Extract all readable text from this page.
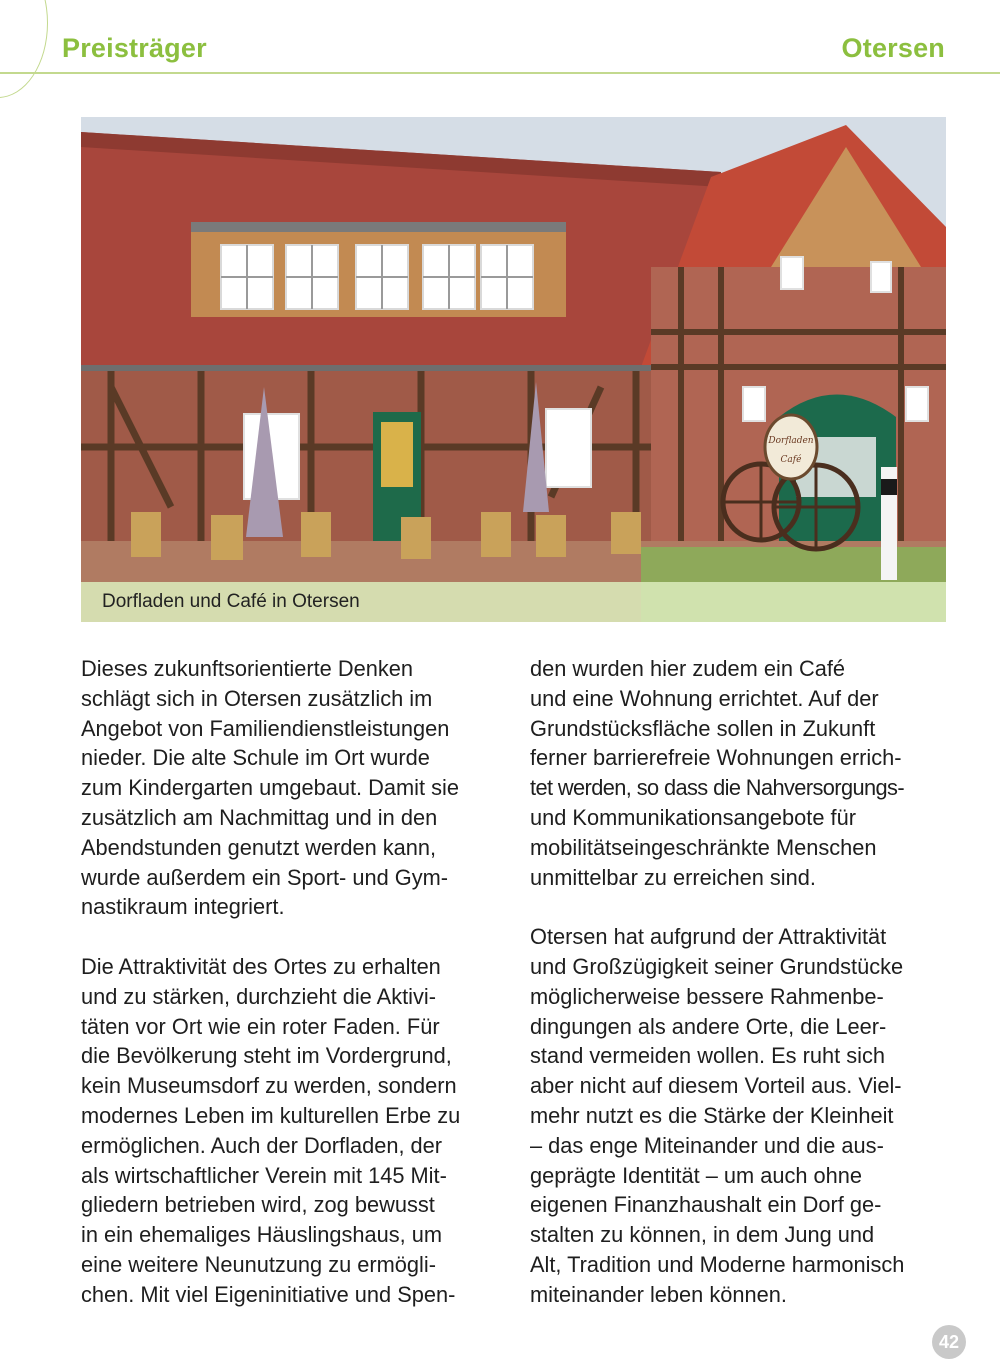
Preisträger	Otersen
Dorfladen
Café
Dorfladen und Café in Otersen

Dieses zukunftsorientierte Denken
schlägt sich in Otersen zusätzlich im
Angebot von Familiendienstleistungen
nieder. Die alte Schule im Ort wurde
zum Kindergarten umgebaut. Damit sie
zusätzlich am Nachmittag und in den
Abendstunden genutzt werden kann,
wurde außerdem ein Sport- und Gym-
nastikraum integriert.

Die Attraktivität des Ortes zu erhalten
und zu stärken, durchzieht die Aktivi-
täten vor Ort wie ein roter Faden. Für
die Bevölkerung steht im Vordergrund,
kein Museumsdorf zu werden, sondern
modernes Leben im kulturellen Erbe zu
ermöglichen. Auch der Dorfladen, der
als wirtschaftlicher Verein mit 145 Mit-
gliedern betrieben wird, zog bewusst
in ein ehemaliges Häuslingshaus, um
eine weitere Neunutzung zu ermögli-
chen. Mit viel Eigeninitiative und Spen-

den wurden hier zudem ein Café
und eine Wohnung errichtet. Auf der
Grundstücksfläche sollen in Zukunft
ferner barrierefreie Wohnungen errich-
tet werden, so dass die Nahversorgungs-
und Kommunikationsangebote für
mobilitätseingeschränkte Menschen
unmittelbar zu erreichen sind.

Otersen hat aufgrund der Attraktivität
und Großzügigkeit seiner Grundstücke
möglicherweise bessere Rahmenbe-
dingungen als andere Orte, die Leer-
stand vermeiden wollen. Es ruht sich
aber nicht auf diesem Vorteil aus. Viel-
mehr nutzt es die Stärke der Kleinheit
– das enge Miteinander und die aus-
geprägte Identität – um auch ohne
eigenen Finanzhaushalt ein Dorf ge-
stalten zu können, in dem Jung und
Alt, Tradition und Moderne harmonisch
miteinander leben können.

42
